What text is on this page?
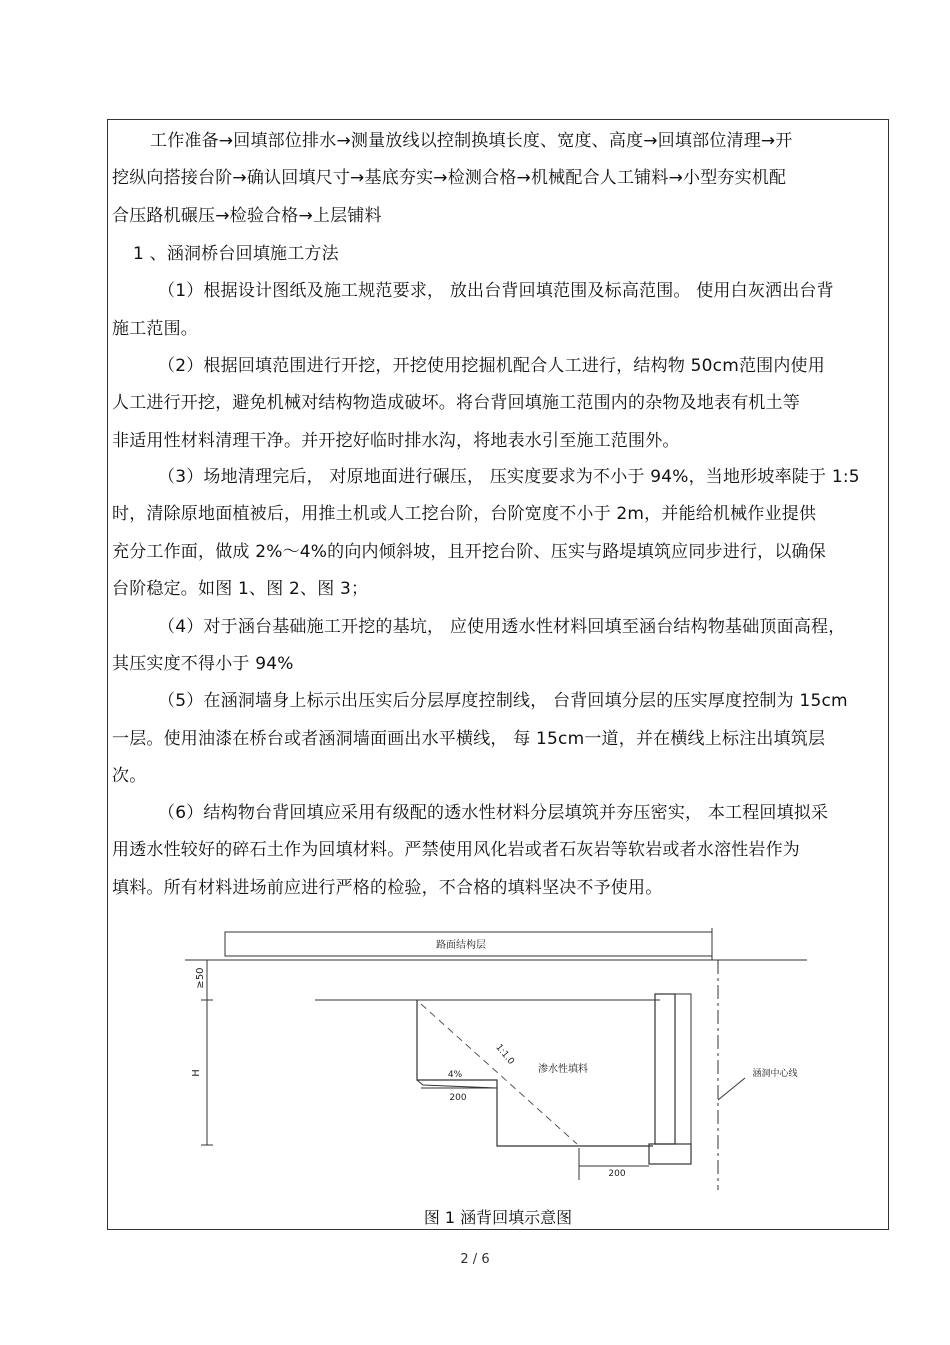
工作准备→回填部位排水→测量放线以控制换填长度、宽度、高度→回填部位清理→开
挖纵向搭接台阶→确认回填尺寸→基底夯实→检测合格→机械配合人工铺料→小型夯实机配
合压路机碾压→检验合格→上层铺料
1 、涵洞桥台回填施工方法
（1）根据设计图纸及施工规范要求， 放出台背回填范围及标高范围。 使用白灰洒出台背
施工范围。
（2）根据回填范围进行开挖，开挖使用挖掘机配合人工进行，结构物 50cm范围内使用
人工进行开挖，避免机械对结构物造成破坏。将台背回填施工范围内的杂物及地表有机土等
非适用性材料清理干净。并开挖好临时排水沟，将地表水引至施工范围外。
（3）场地清理完后， 对原地面进行碾压， 压实度要求为不小于 94%，当地形坡率陡于 1:5
时，清除原地面植被后，用推土机或人工挖台阶，台阶宽度不小于 2m，并能给机械作业提供
充分工作面，做成 2%～4%的向内倾斜坡，且开挖台阶、压实与路堤填筑应同步进行，以确保
台阶稳定。如图 1、图 2、图 3；
（4）对于涵台基础施工开挖的基坑， 应使用透水性材料回填至涵台结构物基础顶面高程，
其压实度不得小于 94%
（5）在涵洞墙身上标示出压实后分层厚度控制线， 台背回填分层的压实厚度控制为 15cm
一层。使用油漆在桥台或者涵洞墙面画出水平横线， 每 15cm一道，并在横线上标注出填筑层
次。
（6）结构物台背回填应采用有级配的透水性材料分层填筑并夯压密实， 本工程回填拟采
用透水性较好的碎石土作为回填材料。严禁使用风化岩或者石灰岩等软岩或者水溶性岩作为
填料。所有材料进场前应进行严格的检验，不合格的填料坚决不予使用。
路面结构层
≥50
H	4%
200
1:1.0
渗水性填料
200
涵洞中心线
图 1 涵背回填示意图
2 / 6
